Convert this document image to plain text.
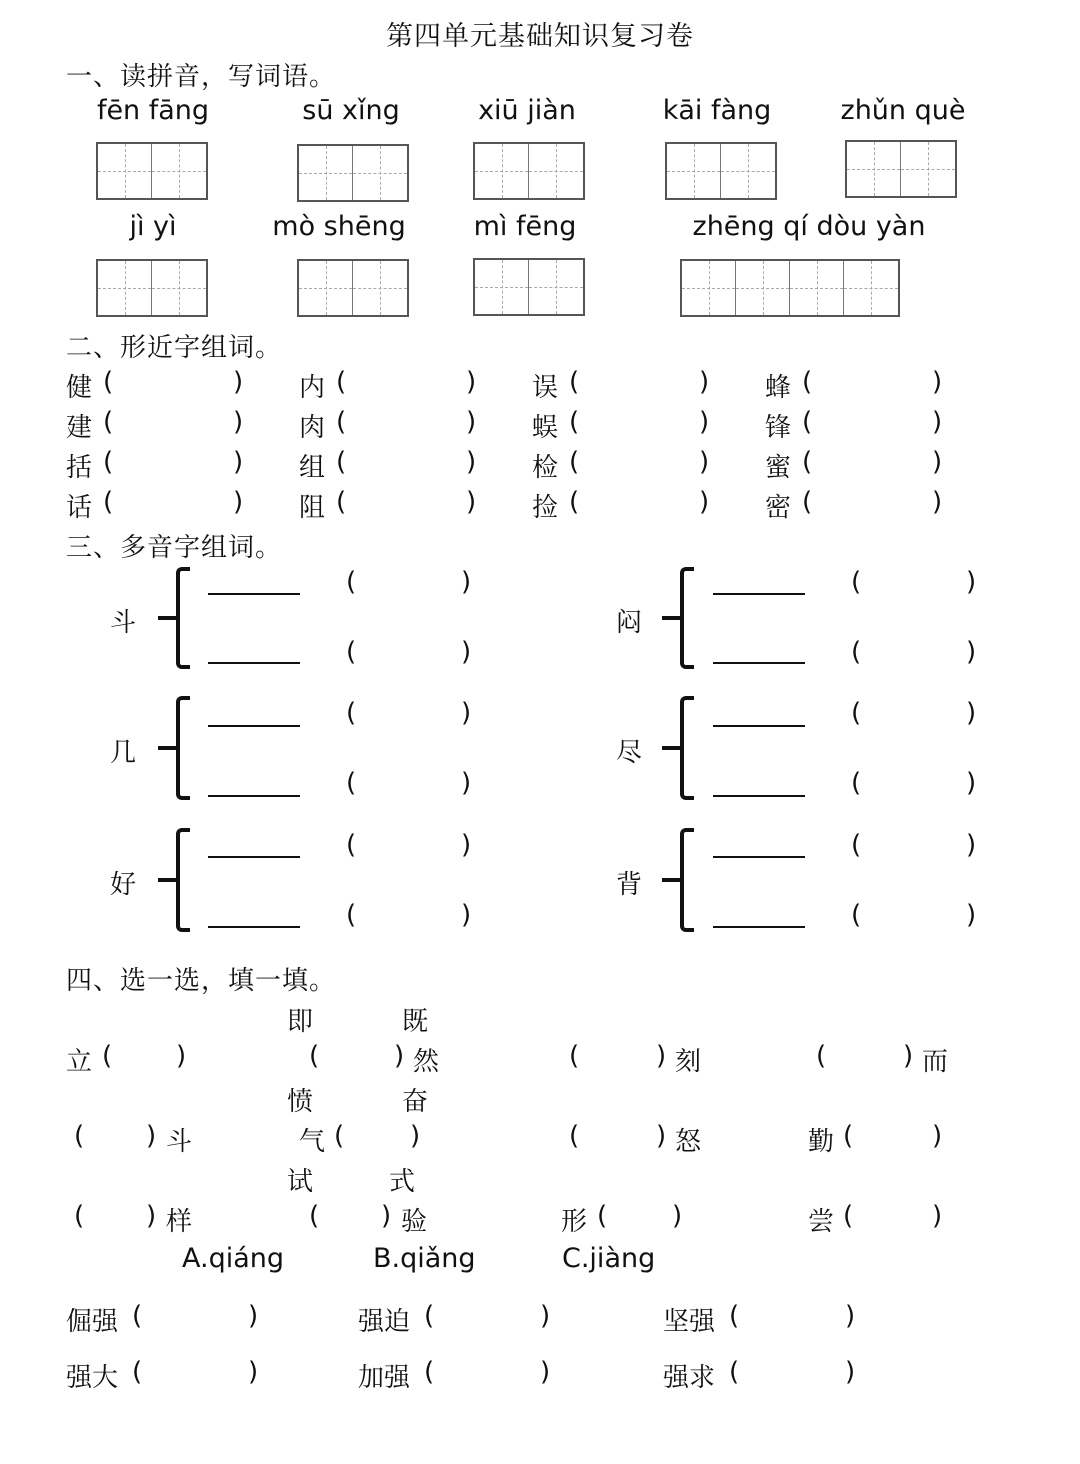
第四单元基础知识复习卷
一、读拼音，写词语。
fēn fāng	sū xǐng	xiū jiàn	kāi fàng	zhǔn què
jì yì	mò shēng	mì fēng	zhēng qí dòu yàn
二、形近字组词。
健 (	) 内 (	) 误 (	) 蜂 (	)
建 (	) 肉 (	) 蜈 (	) 锋 (	)
括 (	) 组 (	) 检 (	) 蜜 (	)
话 (	) 阻 (	) 捡 (	) 密 (	)
三、多音字组词。
斗
(	)
(	)
闷
(	)
(	)
几
(	)
(	)
尽
(	)
(	)
好
(	)
(	)
背
(	)
(	)
四、选一选，填一填。
即	既
立 ( )	(	) 然	(	) 刻	(	) 而
愤	奋
( ) 斗	气 (	)	(	) 怒	勤 (	)
试	式
( ) 样	( ) 验	形 ( )	尝 (	)
A.qiáng	B.qiǎng	C.jiàng
倔强 (	)	强迫 (	)	坚强 (	)
强大 (	)	加强 (	)	强求 (	)
